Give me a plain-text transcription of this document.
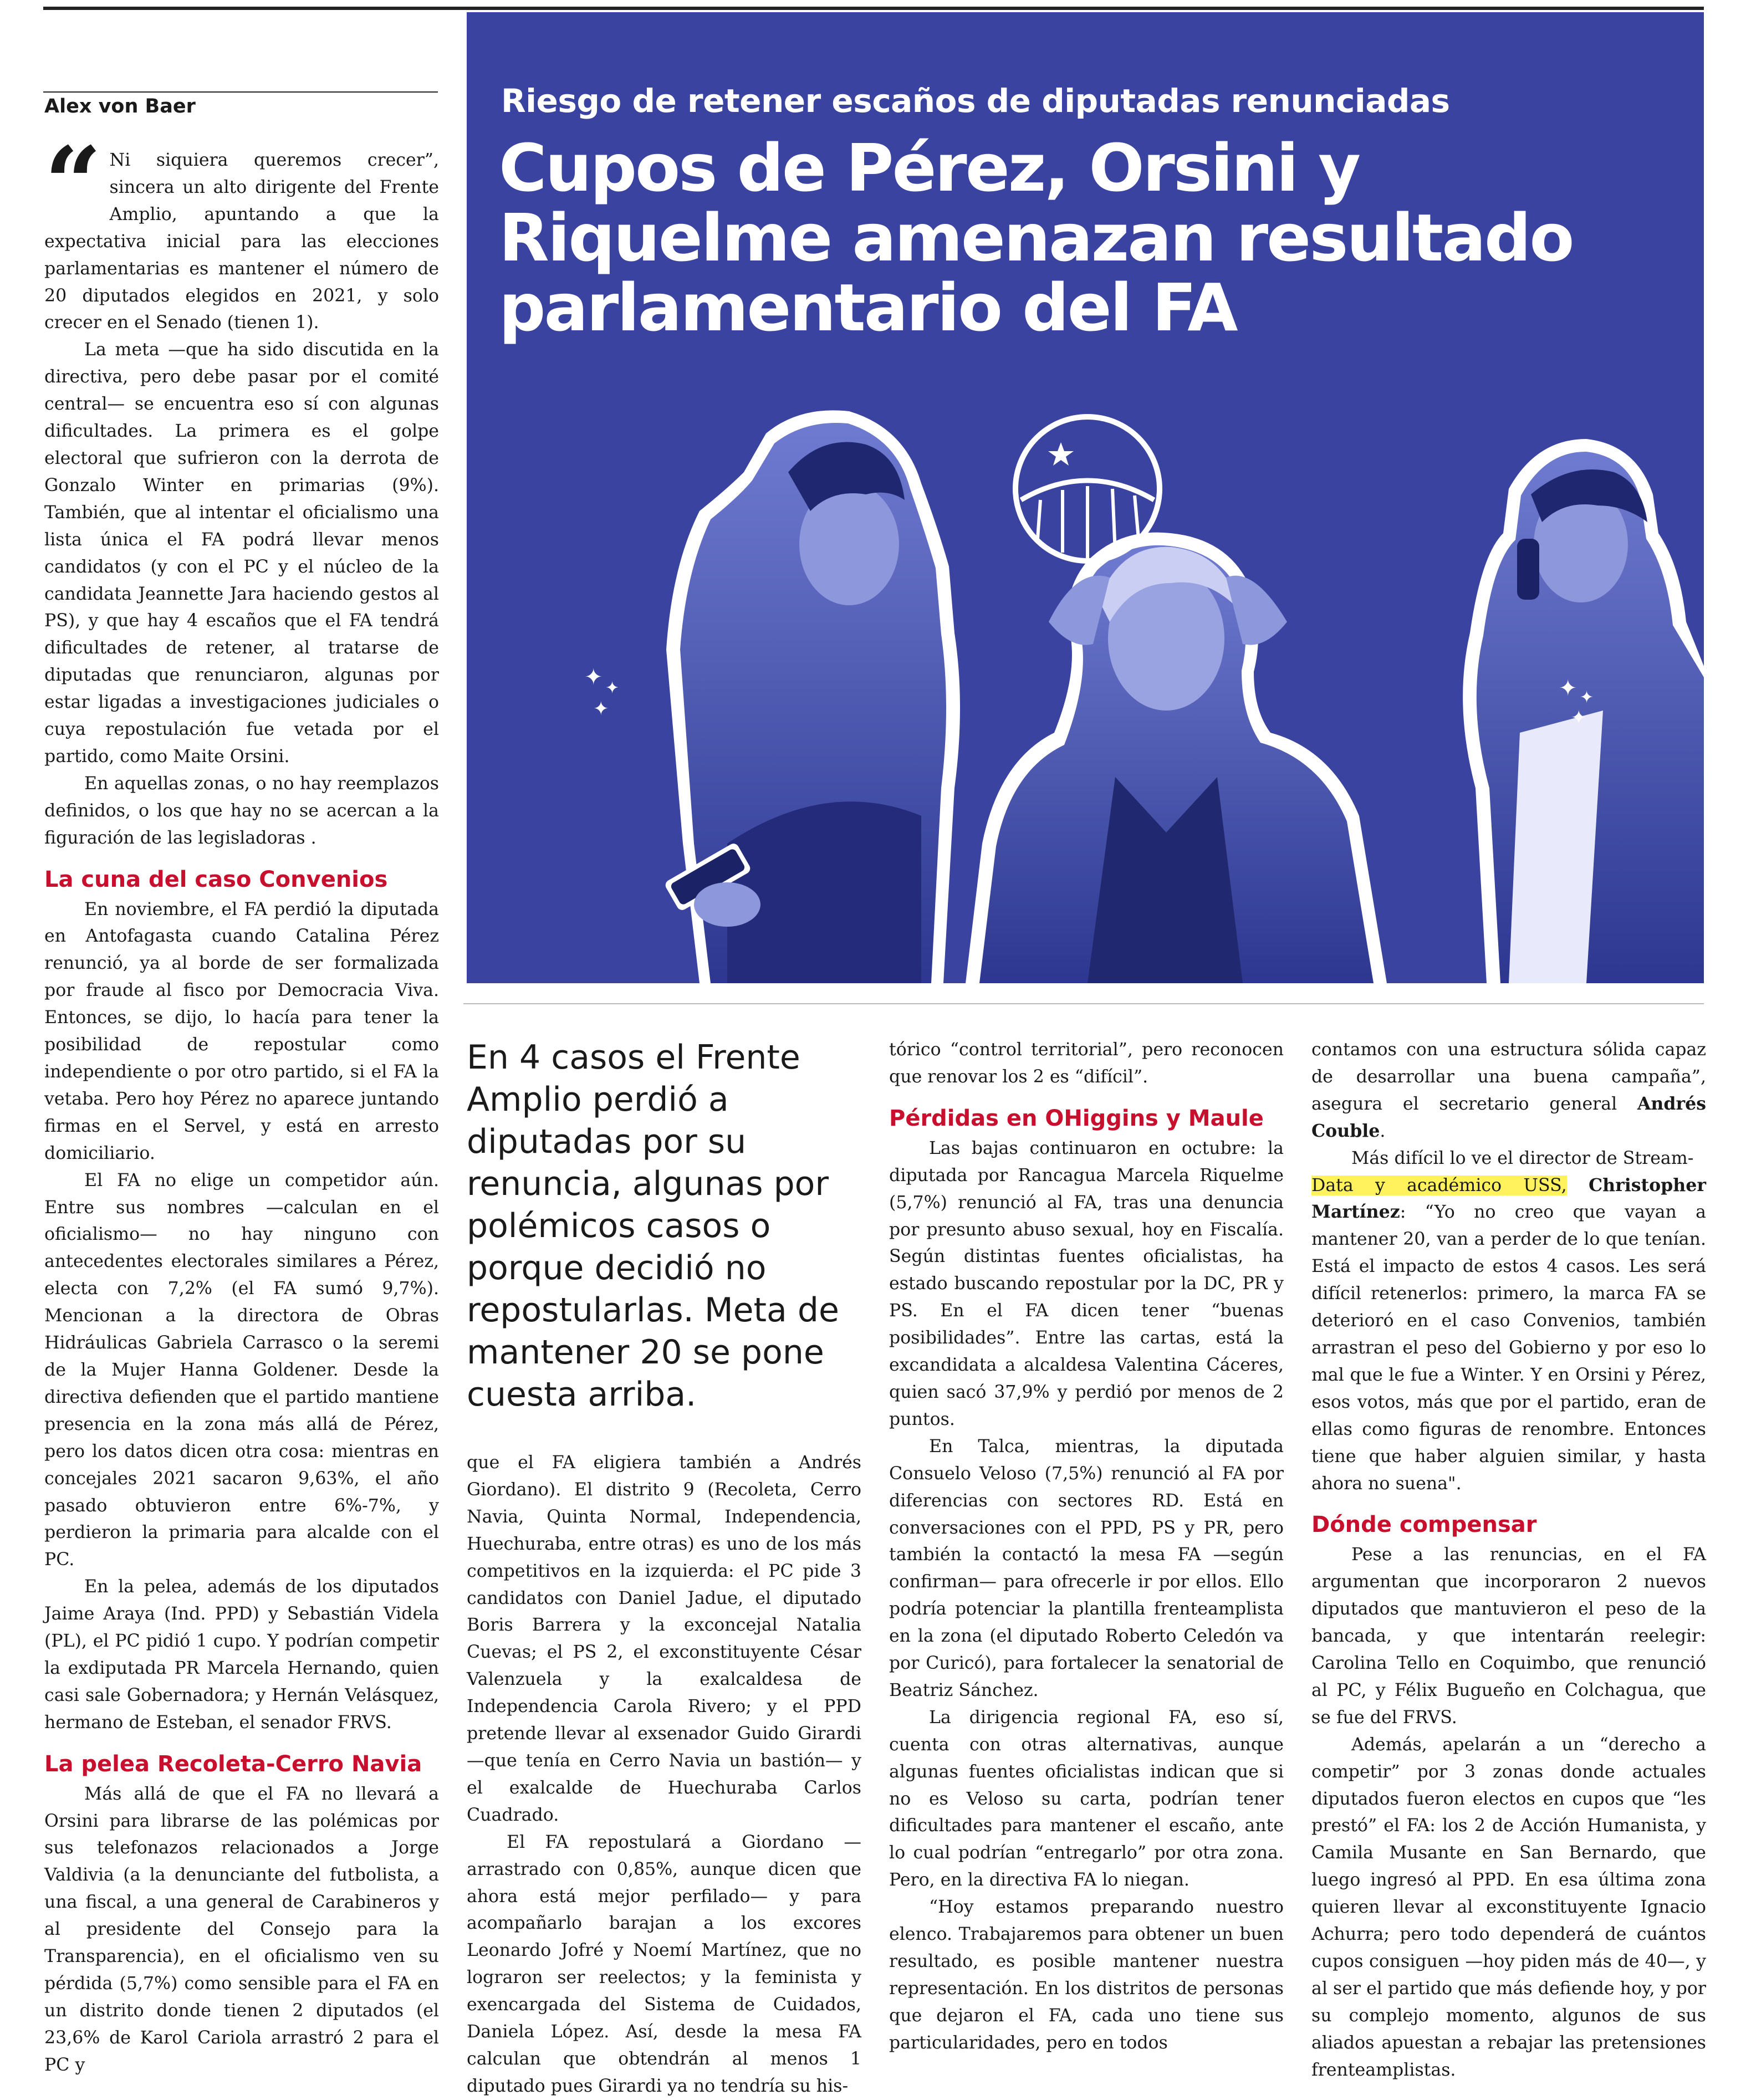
Alex von Baer

“ Ni siquiera queremos crecer”, sincera un alto dirigente del Frente Amplio, apuntando a que la expectativa inicial para las elecciones parlamentarias es mantener el número de 20 diputados elegidos en 2021, y solo crecer en el Senado (tienen 1).

La meta —que ha sido discutida en la directiva, pero debe pasar por el comité central— se encuentra eso sí con algunas dificultades. La primera es el golpe electoral que sufrieron con la derrota de Gonzalo Winter en primarias (9%). También, que al intentar el oficialismo una lista única el FA podrá llevar menos candidatos (y con el PC y el núcleo de la candidata Jeannette Jara haciendo gestos al PS), y que hay 4 escaños que el FA tendrá dificultades de retener, al tratarse de diputadas que renunciaron, algunas por estar ligadas a investigaciones judiciales o cuya repostulación fue vetada por el partido, como Maite Orsini.

En aquellas zonas, o no hay reemplazos definidos, o los que hay no se acercan a la figuración de las legisladoras .

La cuna del caso Convenios

En noviembre, el FA perdió la diputada en Antofagasta cuando Catalina Pérez renunció, ya al borde de ser formalizada por fraude al fisco por Democracia Viva. Entonces, se dijo, lo hacía para tener la posibilidad de repostular como independiente o por otro partido, si el FA la vetaba. Pero hoy Pérez no aparece juntando firmas en el Servel, y está en arresto domiciliario.

El FA no elige un competidor aún. Entre sus nombres —calculan en el oficialismo— no hay ninguno con antecedentes electorales similares a Pérez, electa con 7,2% (el FA sumó 9,7%). Mencionan a la directora de Obras Hidráulicas Gabriela Carrasco o la seremi de la Mujer Hanna Goldener. Desde la directiva defienden que el partido mantiene presencia en la zona más allá de Pérez, pero los datos dicen otra cosa: mientras en concejales 2021 sacaron 9,63%, el año pasado obtuvieron entre 6%-7%, y perdieron la primaria para alcalde con el PC.

En la pelea, además de los diputados Jaime Araya (Ind. PPD) y Sebastián Videla (PL), el PC pidió 1 cupo. Y podrían competir la exdiputada PR Marcela Hernando, quien casi sale Gobernadora; y Hernán Velásquez, hermano de Esteban, el senador FRVS.

La pelea Recoleta-Cerro Navia

Más allá de que el FA no llevará a Orsini para librarse de las polémicas por sus telefonazos relacionados a Jorge Valdivia (a la denunciante del futbolista, a una fiscal, a una general de Carabineros y al presidente del Consejo para la Transparencia), en el oficialismo ven su pérdida (5,7%) como sensible para el FA en un distrito donde tienen 2 diputados (el 23,6% de Karol Cariola arrastró 2 para el PC y

Riesgo de retener escaños de diputadas renunciadas
Cupos de Pérez, Orsini y Riquelme amenazan resultado parlamentario del FA
✦ ✦
✦
✦ ✦
✦
En 4 casos el Frente Amplio perdió a diputadas por su renuncia, algunas por polémicos casos o porque decidió no repostularlas. Meta de mantener 20 se pone cuesta arriba.

que el FA eligiera también a Andrés Giordano). El distrito 9 (Recoleta, Cerro Navia, Quinta Normal, Independencia, Huechuraba, entre otras) es uno de los más competitivos en la izquierda: el PC pide 3 candidatos con Daniel Jadue, el diputado Boris Barrera y la exconcejal Natalia Cuevas; el PS 2, el exconstituyente César Valenzuela y la exalcaldesa de Independencia Carola Rivero; y el PPD pretende llevar al exsenador Guido Girardi —que tenía en Cerro Navia un bastión— y el exalcalde de Huechuraba Carlos Cuadrado.

El FA repostulará a Giordano —arrastrado con 0,85%, aunque dicen que ahora está mejor perfilado— y para acompañarlo barajan a los excores Leonardo Jofré y Noemí Martínez, que no lograron ser reelectos; y la feminista y exencargada del Sistema de Cuidados, Daniela López. Así, desde la mesa FA calculan que obtendrán al menos 1 diputado pues Girardi ya no tendría su his-

tórico “control territorial”, pero reconocen que renovar los 2 es “difícil”.

Pérdidas en OHiggins y Maule

Las bajas continuaron en octubre: la diputada por Rancagua Marcela Riquelme (5,7%) renunció al FA, tras una denuncia por presunto abuso sexual, hoy en Fiscalía. Según distintas fuentes oficialistas, ha estado buscando repostular por la DC, PR y PS. En el FA dicen tener “buenas posibilidades”. Entre las cartas, está la excandidata a alcaldesa Valentina Cáceres, quien sacó 37,9% y perdió por menos de 2 puntos.

En Talca, mientras, la diputada Consuelo Veloso (7,5%) renunció al FA por diferencias con sectores RD. Está en conversaciones con el PPD, PS y PR, pero también la contactó la mesa FA —según confirman— para ofrecerle ir por ellos. Ello podría potenciar la plantilla frenteamplista en la zona (el diputado Roberto Celedón va por Curicó), para fortalecer la senatorial de Beatriz Sánchez.

La dirigencia regional FA, eso sí, cuenta con otras alternativas, aunque algunas fuentes oficialistas indican que si no es Veloso su carta, podrían tener dificultades para mantener el escaño, ante lo cual podrían “entregarlo” por otra zona. Pero, en la directiva FA lo niegan.

“Hoy estamos preparando nuestro elenco. Trabajaremos para obtener un buen resultado, es posible mantener nuestra representación. En los distritos de personas que dejaron el FA, cada uno tiene sus particularidades, pero en todos

contamos con una estructura sólida capaz de desarrollar una buena campaña”, asegura el secretario general Andrés Couble.

Más difícil lo ve el director de Stream-
Data y académico USS, Christopher Martínez: “Yo no creo que vayan a mantener 20, van a perder de lo que tenían. Está el impacto de estos 4 casos. Les será difícil retenerlos: primero, la marca FA se deterioró en el caso Convenios, también arrastran el peso del Gobierno y por eso lo mal que le fue a Winter. Y en Orsini y Pérez, esos votos, más que por el partido, eran de ellas como figuras de renombre. Entonces tiene que haber alguien similar, y hasta ahora no suena".

Dónde compensar

Pese a las renuncias, en el FA argumentan que incorporaron 2 nuevos diputados que mantuvieron el peso de la bancada, y que intentarán reelegir: Carolina Tello en Coquimbo, que renunció al PC, y Félix Bugueño en Colchagua, que se fue del FRVS.

Además, apelarán a un “derecho a competir” por 3 zonas donde actuales diputados fueron electos en cupos que “les prestó” el FA: los 2 de Acción Humanista, y Camila Musante en San Bernardo, que luego ingresó al PPD. En esa última zona quieren llevar al exconstituyente Ignacio Achurra; pero todo dependerá de cuántos cupos consiguen —hoy piden más de 40—, y al ser el partido que más defiende hoy, y por su complejo momento, algunos de sus aliados apuestan a rebajar las pretensiones frenteamplistas.
